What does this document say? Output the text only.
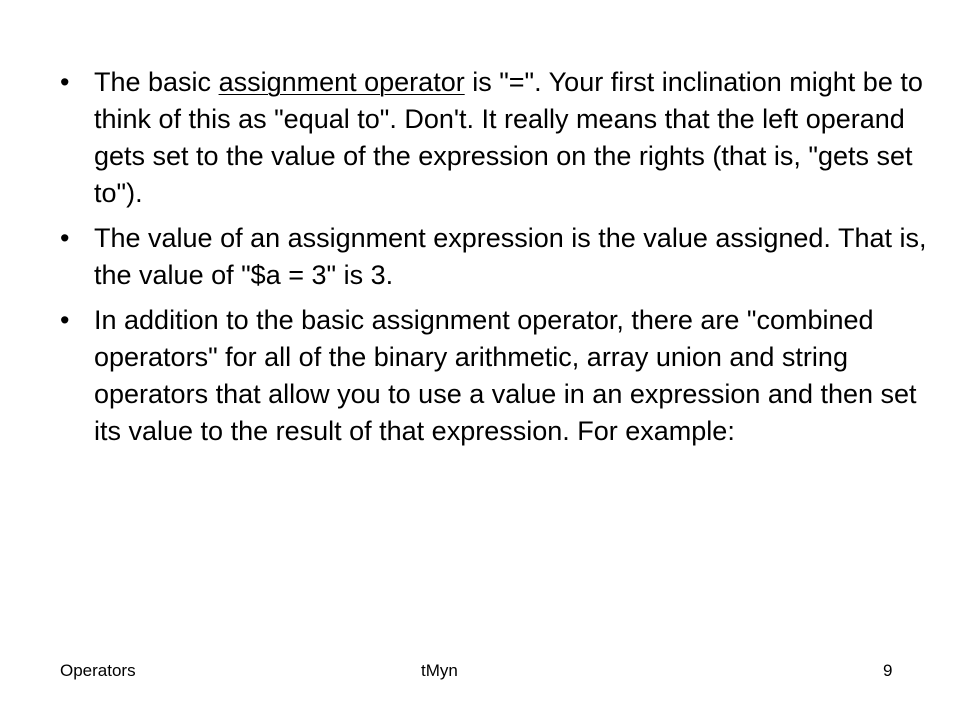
• The basic assignment operator is "=". Your first inclination might be to think of this as "equal to". Don't. It really means that the left operand gets set to the value of the expression on the rights (that is, "gets set to").
• The value of an assignment expression is the value assigned. That is, the value of "$a = 3" is 3.
• In addition to the basic assignment operator, there are "combined operators" for all of the binary arithmetic, array union and string operators that allow you to use a value in an expression and then set its value to the result of that expression. For example:
Operators	tMyn	9
